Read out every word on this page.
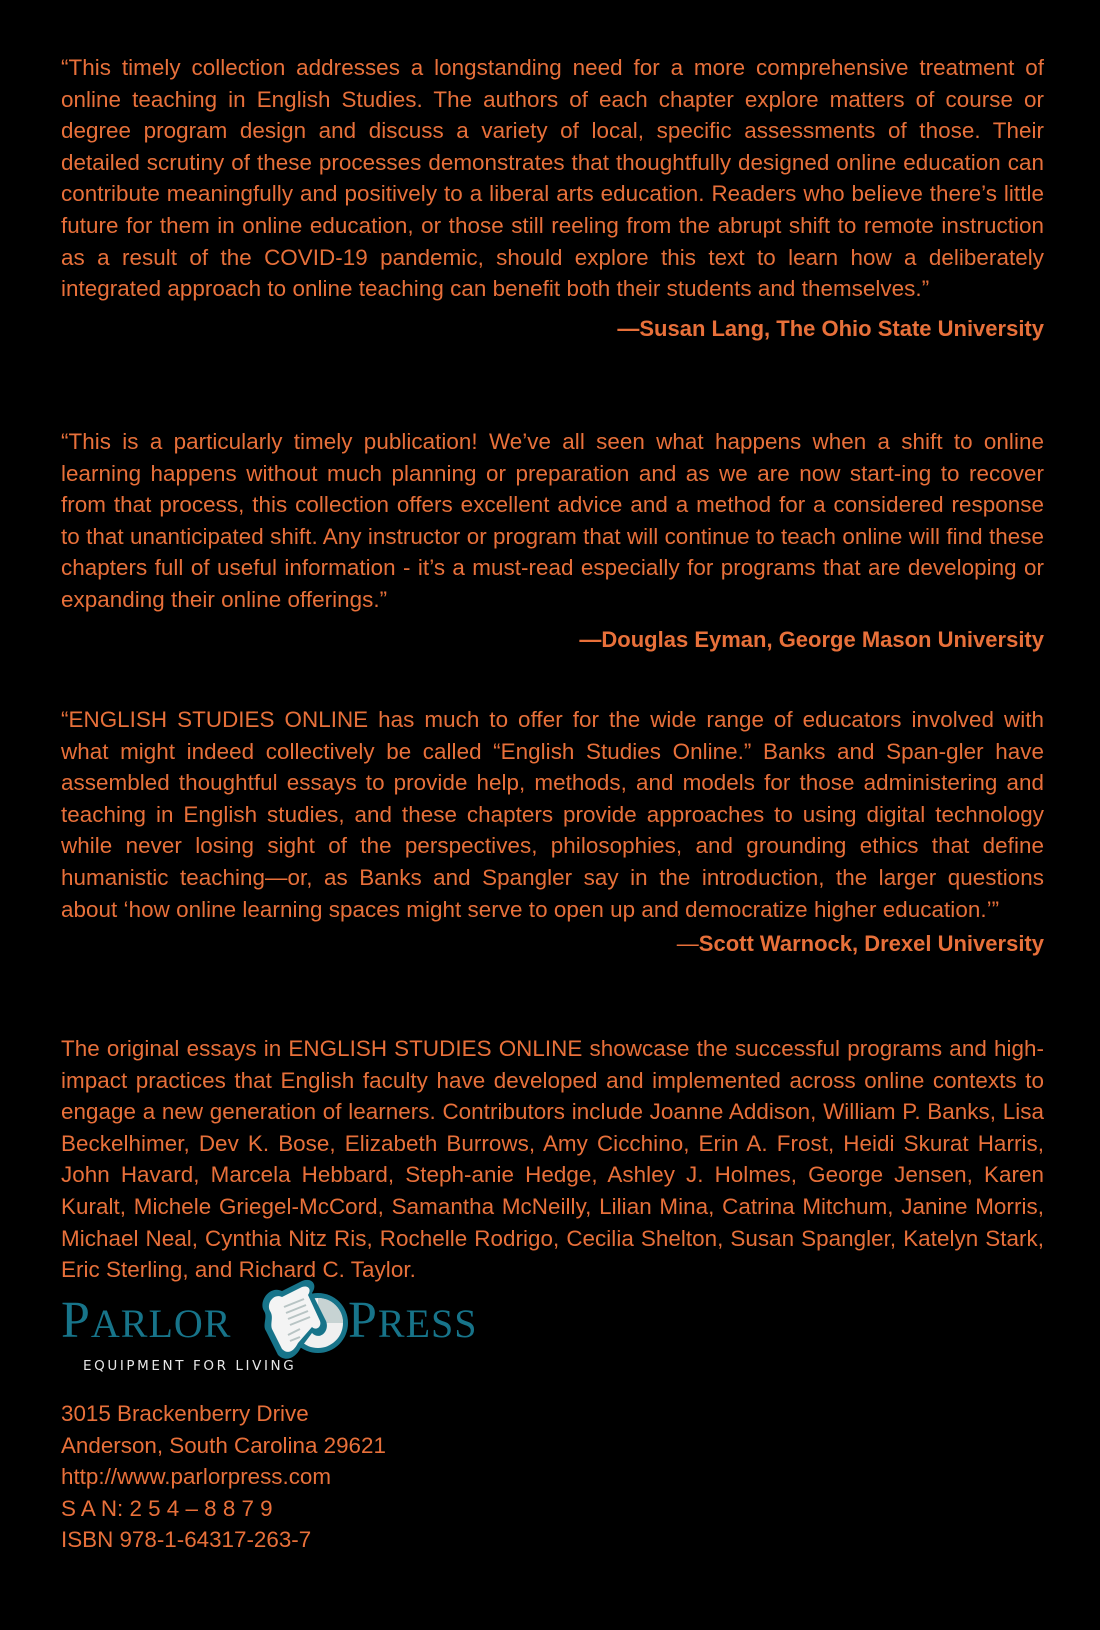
“This timely collection addresses a longstanding need for a more comprehensive treatment of online teaching in English Studies. The authors of each chapter explore matters of course or degree program design and discuss a variety of local, specific assessments of those. Their detailed scrutiny of these processes demonstrates that thoughtfully designed online education can contribute meaningfully and positively to a liberal arts education. Readers who believe there’s little future for them in online education, or those still reeling from the abrupt shift to remote instruction as a result of the COVID-19 pandemic, should explore this text to learn how a deliberately integrated approach to online teaching can benefit both their students and themselves.”

—Susan Lang, The Ohio State University

“This is a particularly timely publication! We’ve all seen what happens when a shift to online learning happens without much planning or preparation and as we are now start-ing to recover from that process, this collection offers excellent advice and a method for a considered response to that unanticipated shift. Any instructor or program that will continue to teach online will find these chapters full of useful information - it’s a must-read especially for programs that are developing or expanding their online offerings.”

—Douglas Eyman, George Mason University

“ENGLISH STUDIES ONLINE has much to offer for the wide range of educators involved with what might indeed collectively be called “English Studies Online.” Banks and Span-gler have assembled thoughtful essays to provide help, methods, and models for those administering and teaching in English studies, and these chapters provide approaches to using digital technology while never losing sight of the perspectives, philosophies, and grounding ethics that define humanistic teaching—or, as Banks and Spangler say in the introduction, the larger questions about ‘how online learning spaces might serve to open up and democratize higher education.’”

—Scott Warnock, Drexel University

The original essays in ENGLISH STUDIES ONLINE showcase the successful programs and high-impact practices that English faculty have developed and implemented across online contexts to engage a new generation of learners. Contributors include Joanne Addison, William P. Banks, Lisa Beckelhimer, Dev K. Bose, Elizabeth Burrows, Amy Cicchino, Erin A. Frost, Heidi Skurat Harris, John Havard, Marcela Hebbard, Steph-anie Hedge, Ashley J. Holmes, George Jensen, Karen Kuralt, Michele Griegel-McCord, Samantha McNeilly, Lilian Mina, Catrina Mitchum, Janine Morris, Michael Neal, Cynthia Nitz Ris, Rochelle Rodrigo, Cecilia Shelton, Susan Spangler, Katelyn Stark, Eric Sterling, and Richard C. Taylor.

PARLOR PRESS
EQUIPMENT FOR LIVING
3015 Brackenberry Drive
Anderson, South Carolina 29621
http://www.parlorpress.com
S A N: 2 5 4 – 8 8 7 9
ISBN 978-1-64317-263-7
